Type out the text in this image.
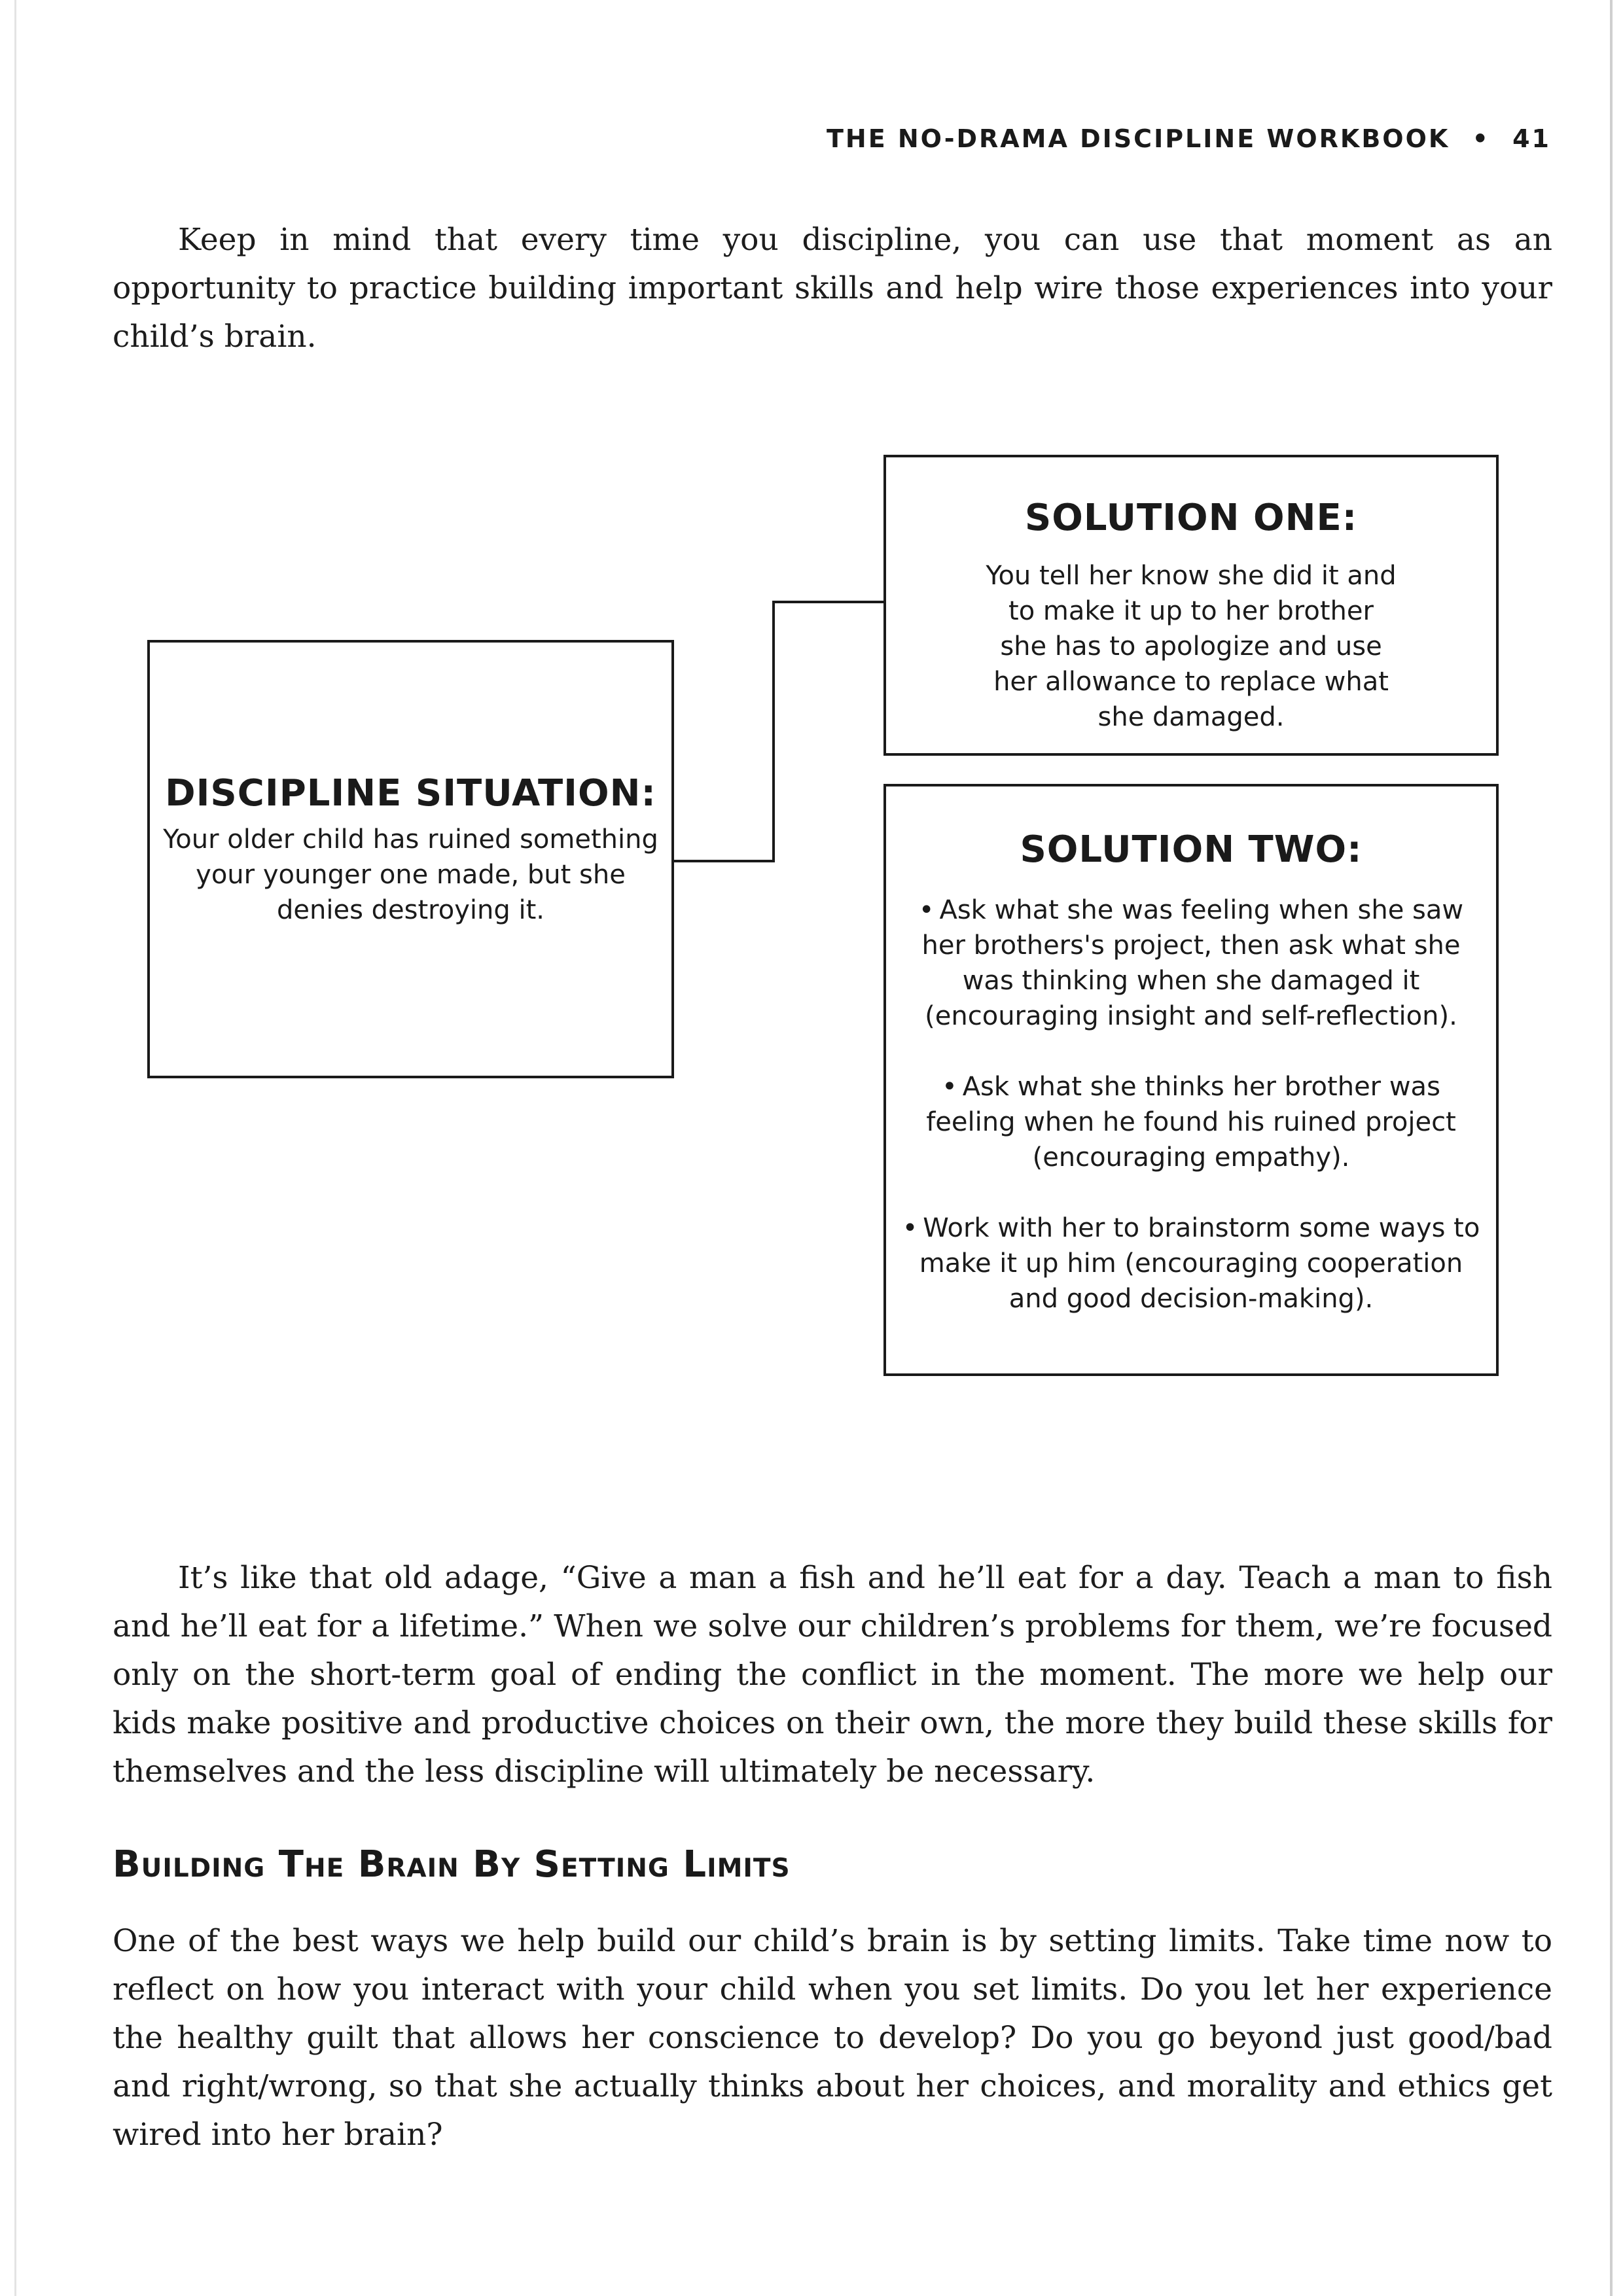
THE NO-DRAMA DISCIPLINE WORKBOOK • 41

Keep in mind that every time you discipline, you can use that moment as an opportunity to practice building important skills and help wire those experiences into your child’s brain.

DISCIPLINE SITUATION:

Your older child has ruined something your younger one made, but she denies destroying it.

SOLUTION ONE:

You tell her know she did it and to make it up to her brother she has to apologize and use her allowance to replace what she damaged.

SOLUTION TWO:

• Ask what she was feeling when she saw her brothers's project, then ask what she was thinking when she damaged it (encouraging insight and self-reflection).

• Ask what she thinks her brother was feeling when he found his ruined project (encouraging empathy).

• Work with her to brainstorm some ways to make it up him (encouraging cooperation and good decision-making).

It’s like that old adage, “Give a man a fish and he’ll eat for a day. Teach a man to fish and he’ll eat for a lifetime.” When we solve our children’s problems for them, we’re focused only on the short-term goal of ending the conflict in the moment. The more we help our kids make positive and productive choices on their own, the more they build these skills for themselves and the less discipline will ultimately be necessary.

Building The Brain By Setting Limits

One of the best ways we help build our child’s brain is by setting limits. Take time now to reflect on how you interact with your child when you set limits. Do you let her experience the healthy guilt that allows her conscience to develop? Do you go beyond just good/bad and right/wrong, so that she actually thinks about her choices, and morality and ethics get wired into her brain?
